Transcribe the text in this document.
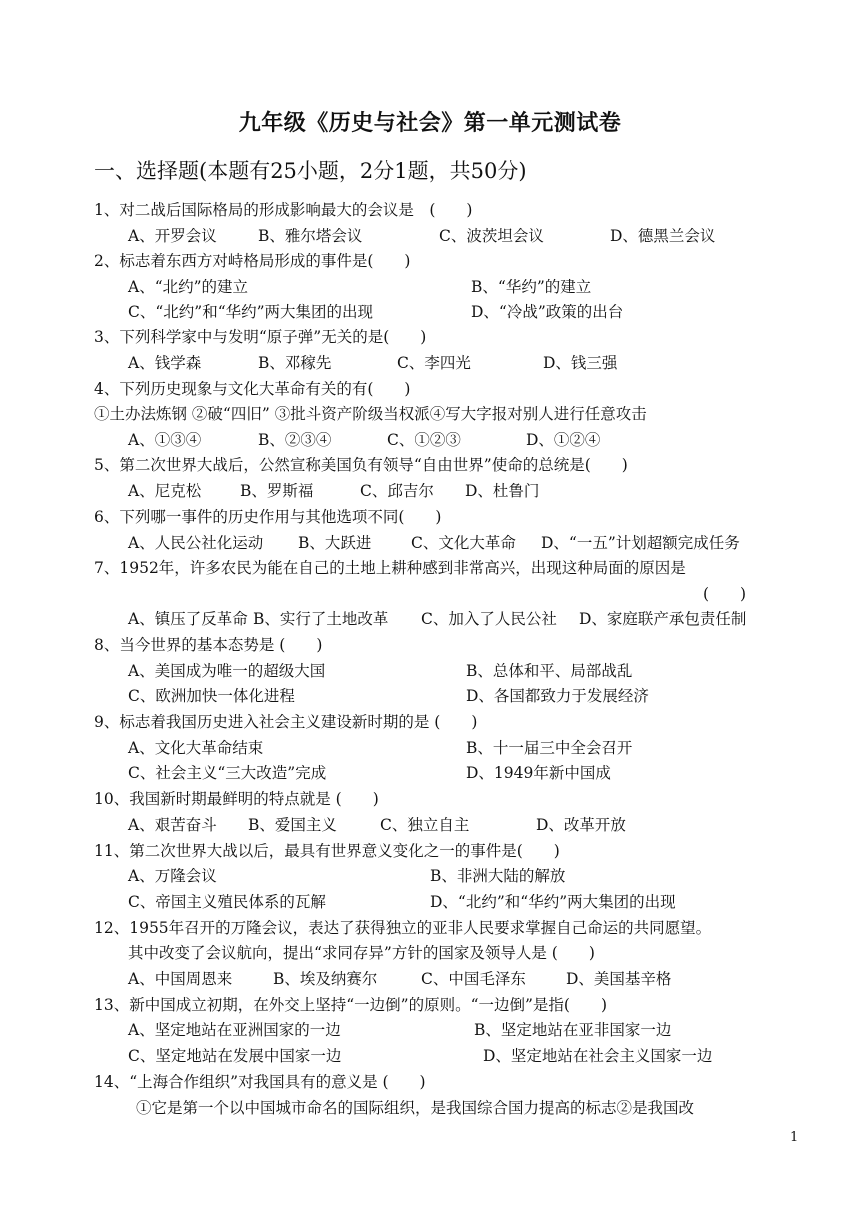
九年级《历史与社会》第一单元测试卷
一、选择题(本题有25小题，2分1题，共50分)
1、对二战后国际格局的形成影响最大的会议是　(　　)
A、开罗会议	B、雅尔塔会议	C、波茨坦会议	D、德黑兰会议
2、标志着东西方对峙格局形成的事件是(　　)
A、“北约”的建立	B、“华约”的建立
C、“北约”和“华约”两大集团的出现	D、“冷战”政策的出台
3、下列科学家中与发明“原子弹”无关的是(　　)
A、钱学森	B、邓稼先	C、李四光	D、钱三强
4、下列历史现象与文化大革命有关的有(　　)
①土办法炼钢 ②破“四旧” ③批斗资产阶级当权派④写大字报对别人进行任意攻击
A、①③④	B、②③④	C、①②③	D、①②④
5、第二次世界大战后，公然宣称美国负有领导“自由世界”使命的总统是(　　)
A、尼克松	B、罗斯福	C、邱吉尔 D、杜鲁门
6、下列哪一事件的历史作用与其他选项不同(　　)
A、人民公社化运动 B、大跃进	C、文化大革命 D、“一五”计划超额完成任务
7、1952年，许多农民为能在自己的土地上耕种感到非常高兴，出现这种局面的原因是
(　　)
A、镇压了反革命 B、实行了土地改革 C、加入了人民公社 D、家庭联产承包责任制
8、当今世界的基本态势是 (　　)
A、美国成为唯一的超级大国	B、总体和平、局部战乱
C、欧洲加快一体化进程	D、各国都致力于发展经济
9、标志着我国历史进入社会主义建设新时期的是 (　　)
A、文化大革命结束	B、十一届三中全会召开
C、社会主义“三大改造”完成	D、1949年新中国成
10、我国新时期最鲜明的特点就是 (　　)
A、艰苦奋斗 B、爱国主义	C、独立自主	D、改革开放
11、第二次世界大战以后，最具有世界意义变化之一的事件是(　　)
A、万隆会议	B、非洲大陆的解放
C、帝国主义殖民体系的瓦解	D、“北约”和“华约”两大集团的出现
12、1955年召开的万隆会议，表达了获得独立的亚非人民要求掌握自己命运的共同愿望。
其中改变了会议航向，提出“求同存异”方针的国家及领导人是 (　　)
A、中国周恩来	B、埃及纳赛尔	C、中国毛泽东	D、美国基辛格
13、新中国成立初期，在外交上坚持“一边倒”的原则。“一边倒”是指(　　)
A、坚定地站在亚洲国家的一边	B、坚定地站在亚非国家一边
C、坚定地站在发展中国家一边	D、坚定地站在社会主义国家一边
14、“上海合作组织”对我国具有的意义是 (　　)
①它是第一个以中国城市命名的国际组织，是我国综合国力提高的标志②是我国改
1
